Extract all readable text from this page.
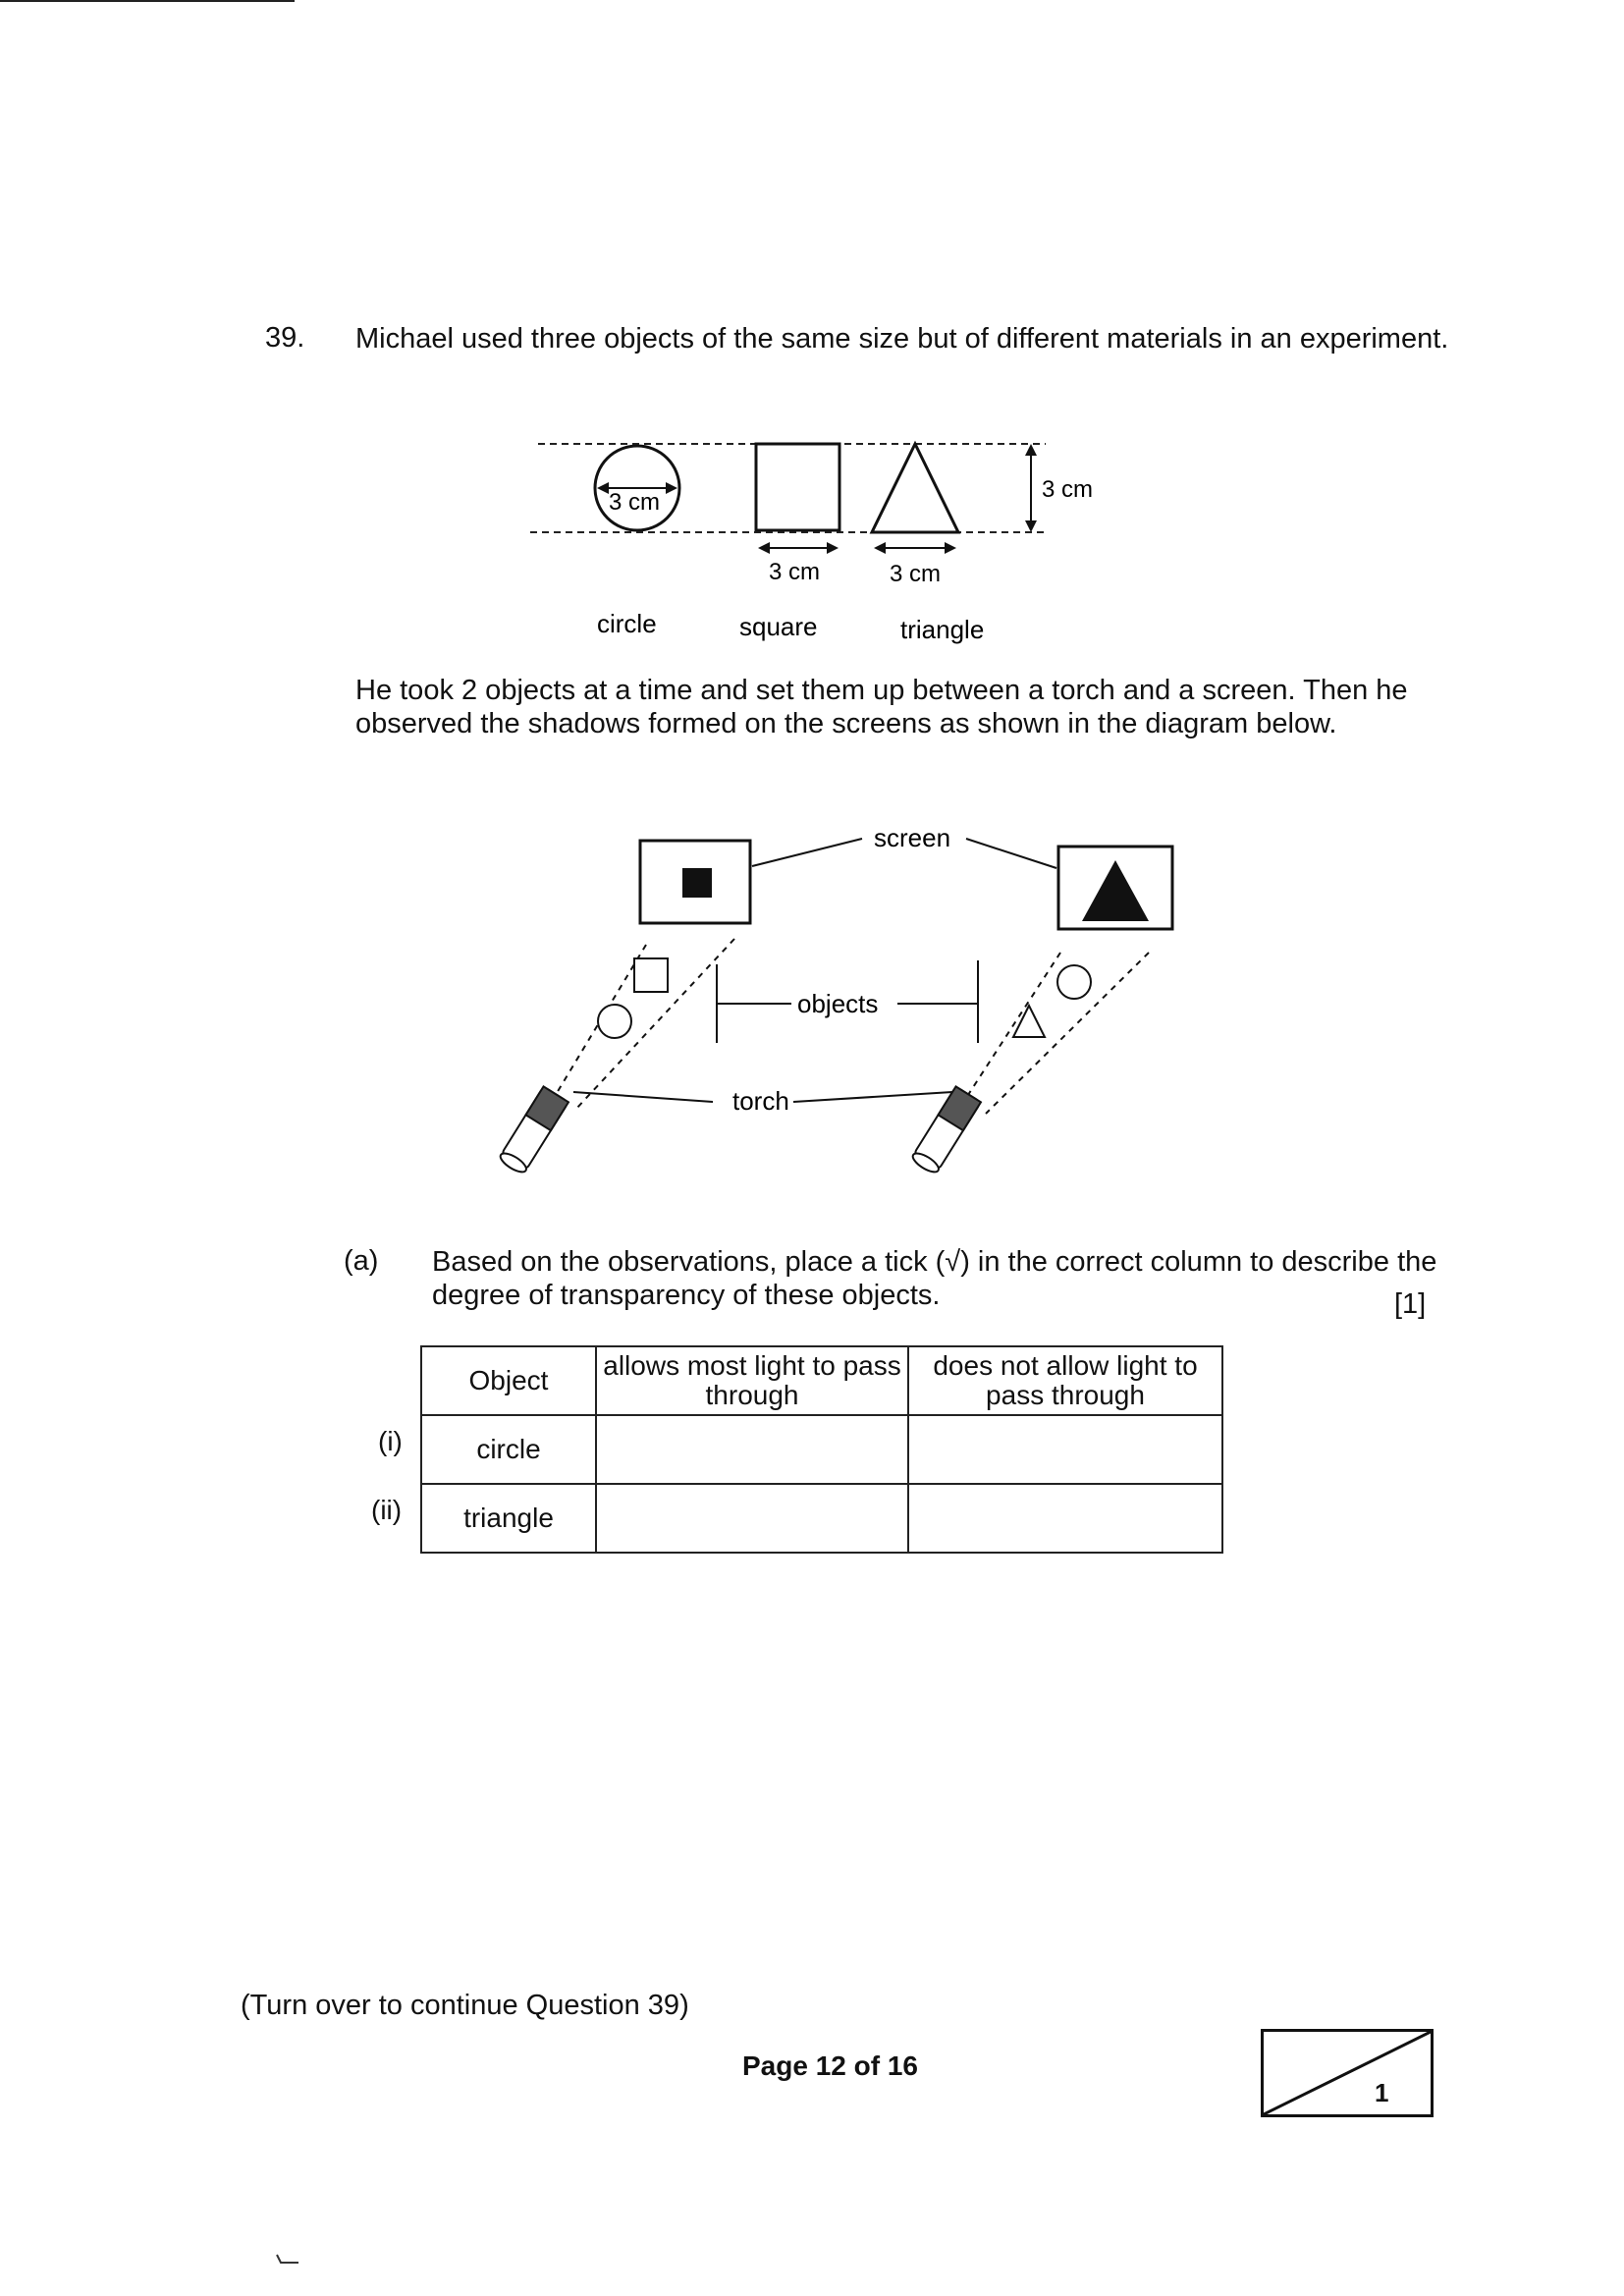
39. Michael used three objects of the same size but of different materials in an experiment.
3 cm
3 cm	3 cm
3 cm
circle	square	triangle
He took 2 objects at a time and set them up between a torch and a screen. Then he observed the shadows formed on the screens as shown in the diagram below.
screen
objects
torch
(a) Based on the observations, place a tick (√) in the correct column to describe the degree of transparency of these objects.	[1]
Object	allows most light to pass through	does not allow light to pass through
circle		
triangle		
(i)
(ii)
(Turn over to continue Question 39)
Page 12 of 16
1
